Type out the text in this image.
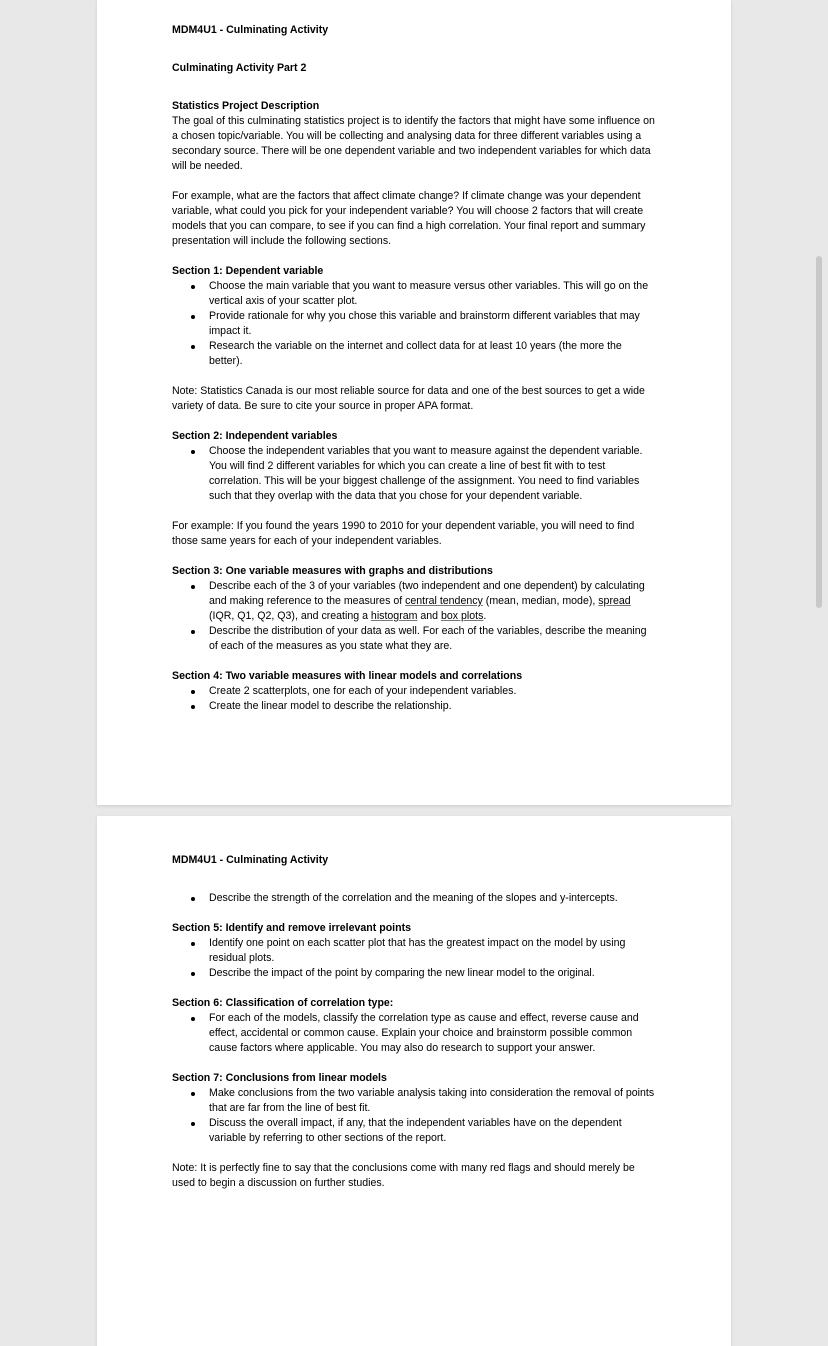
MDM4U1 - Culminating Activity

Culminating Activity Part 2

Statistics Project Description

The goal of this culminating statistics project is to identify the factors that might have some influence on a chosen topic/variable. You will be collecting and analysing data for three different variables using a secondary source. There will be one dependent variable and two independent variables for which data will be needed.

For example, what are the factors that affect climate change? If climate change was your dependent variable, what could you pick for your independent variable? You will choose 2 factors that will create models that you can compare, to see if you can find a high correlation. Your final report and summary presentation will include the following sections.

Section 1: Dependent variable

Choose the main variable that you want to measure versus other variables. This will go on the vertical axis of your scatter plot.
Provide rationale for why you chose this variable and brainstorm different variables that may impact it.
Research the variable on the internet and collect data for at least 10 years (the more the better).

Note: Statistics Canada is our most reliable source for data and one of the best sources to get a wide variety of data. Be sure to cite your source in proper APA format.

Section 2: Independent variables

Choose the independent variables that you want to measure against the dependent variable. You will find 2 different variables for which you can create a line of best fit with to test correlation. This will be your biggest challenge of the assignment. You need to find variables such that they overlap with the data that you chose for your dependent variable.

For example: If you found the years 1990 to 2010 for your dependent variable, you will need to find those same years for each of your independent variables.

Section 3: One variable measures with graphs and distributions

Describe each of the 3 of your variables (two independent and one dependent) by calculating and making reference to the measures of central tendency (mean, median, mode), spread (IQR, Q1, Q2, Q3), and creating a histogram and box plots.
Describe the distribution of your data as well. For each of the variables, describe the meaning of each of the measures as you state what they are.

Section 4: Two variable measures with linear models and correlations

Create 2 scatterplots, one for each of your independent variables.
Create the linear model to describe the relationship.

MDM4U1 - Culminating Activity

Describe the strength of the correlation and the meaning of the slopes and y-intercepts.

Section 5: Identify and remove irrelevant points

Identify one point on each scatter plot that has the greatest impact on the model by using residual plots.
Describe the impact of the point by comparing the new linear model to the original.

Section 6: Classification of correlation type:

For each of the models, classify the correlation type as cause and effect, reverse cause and effect, accidental or common cause. Explain your choice and brainstorm possible common cause factors where applicable. You may also do research to support your answer.

Section 7: Conclusions from linear models

Make conclusions from the two variable analysis taking into consideration the removal of points that are far from the line of best fit.
Discuss the overall impact, if any, that the independent variables have on the dependent variable by referring to other sections of the report.

Note: It is perfectly fine to say that the conclusions come with many red flags and should merely be used to begin a discussion on further studies.
